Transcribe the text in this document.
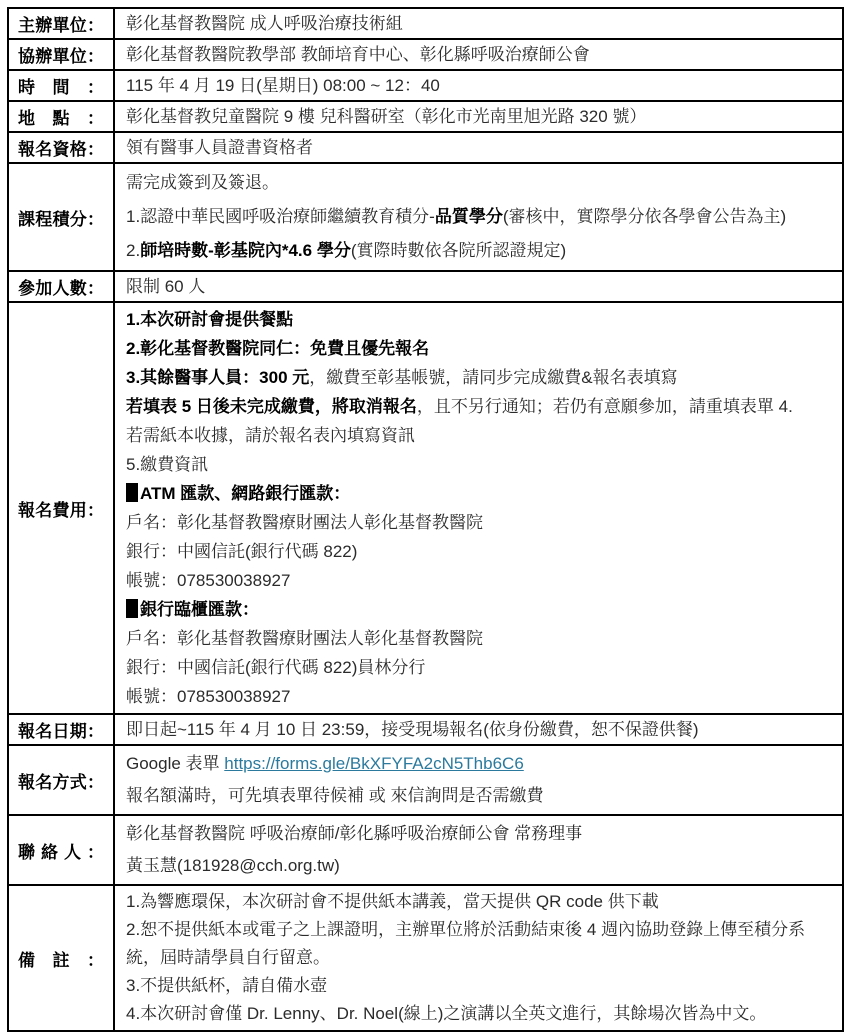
主辦單位：	彰化基督教醫院 成人呼吸治療技術組

協辦單位：	彰化基督教醫院教學部 教師培育中心、彰化縣呼吸治療師公會

時間：	115 年 4 月 19 日(星期日) 08:00 ~ 12：40

地點：	彰化基督教兒童醫院 9 樓 兒科醫研室（彰化市光南里旭光路 320 號）

報名資格：	領有醫事人員證書資格者

課程積分：	需完成簽到及簽退。
1.認證中華民國呼吸治療師繼續教育積分-品質學分(審核中，實際學分依各學會公告為主)
2.師培時數-彰基院內*4.6 學分(實際時數依各院所認證規定)

參加人數：	限制 60 人

報名費用：	
1.本次研討會提供餐點
2.彰化基督教醫院同仁：免費且優先報名
3.其餘醫事人員：300 元，繳費至彰基帳號，請同步完成繳費&報名表填寫
若填表 5 日後未完成繳費，將取消報名，且不另行通知；若仍有意願參加，請重填表單 4.
若需紙本收據，請於報名表內填寫資訊
5.繳費資訊
ATM 匯款、網路銀行匯款：
戶名：彰化基督教醫療財團法人彰化基督教醫院
銀行：中國信託(銀行代碼 822)
帳號：078530038927
銀行臨櫃匯款：
戶名：彰化基督教醫療財團法人彰化基督教醫院
銀行：中國信託(銀行代碼 822)員林分行
帳號：078530038927

報名日期：	即日起~115 年 4 月 10 日 23:59，接受現場報名(依身份繳費，恕不保證供餐)

報名方式：	Google 表單 https://forms.gle/BkXFYFA2cN5Thb6C6
報名額滿時，可先填表單待候補 或 來信詢問是否需繳費

聯絡人：	彰化基督教醫院 呼吸治療師/彰化縣呼吸治療師公會 常務理事
黃玉慧(181928@cch.org.tw)

備註：	1.為響應環保，本次研討會不提供紙本講義，當天提供 QR code 供下載
2.恕不提供紙本或電子之上課證明，主辦單位將於活動結束後 4 週內協助登錄上傳至積分系統，屆時請學員自行留意。
3.不提供紙杯，請自備水壺
4.本次研討會僅 Dr. Lenny、Dr. Noel(線上)之演講以全英文進行，其餘場次皆為中文。
